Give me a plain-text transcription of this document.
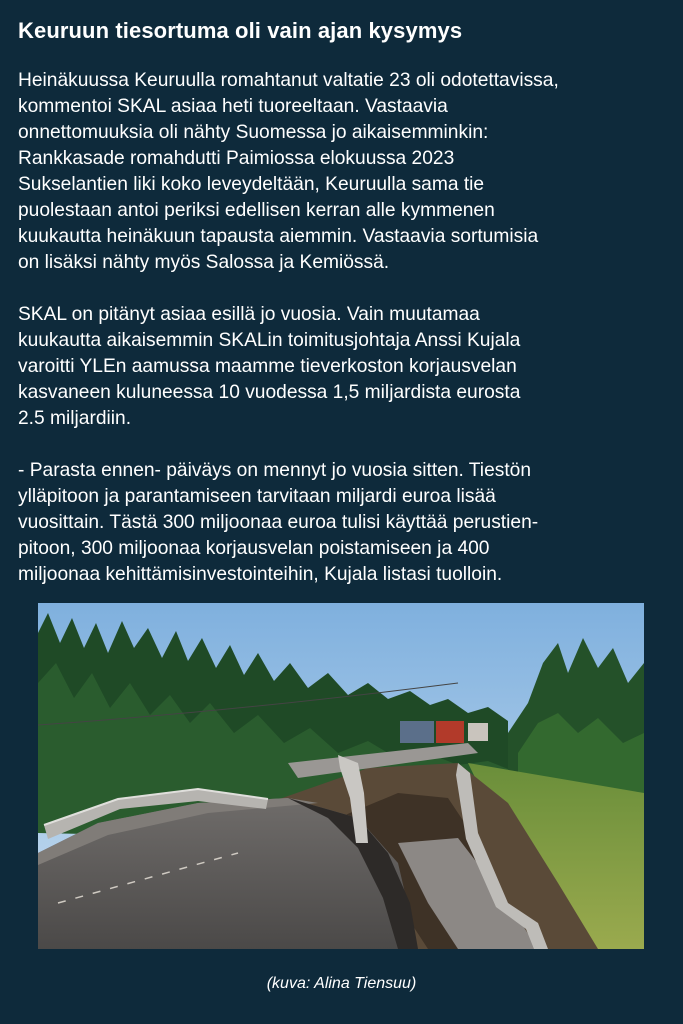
Keuruun tiesortuma oli vain ajan kysymys

Heinäkuussa Keuruulla romahtanut valtatie 23 oli odotettavissa,
kommentoi SKAL asiaa heti tuoreeltaan. Vastaavia
onnettomuuksia oli nähty Suomessa jo aikaisemminkin:
Rankkasade romahdutti Paimiossa elokuussa 2023
Sukselantien liki koko leveydeltään, Keuruulla sama tie
puolestaan antoi periksi edellisen kerran alle kymmenen
kuukautta heinäkuun tapausta aiemmin. Vastaavia sortumisia
on lisäksi nähty myös Salossa ja Kemiössä.

SKAL on pitänyt asiaa esillä jo vuosia. Vain muutamaa
kuukautta aikaisemmin SKALin toimitusjohtaja Anssi Kujala
varoitti YLEn aamussa maamme tieverkoston korjausvelan
kasvaneen kuluneessa 10 vuodessa 1,5 miljardista eurosta
2.5 miljardiin.

- Parasta ennen- päiväys on mennyt jo vuosia sitten. Tiestön
ylläpitoon ja parantamiseen tarvitaan miljardi euroa lisää
vuosittain. Tästä 300 miljoonaa euroa tulisi käyttää perustien-
pitoon, 300 miljoonaa korjausvelan poistamiseen ja 400
miljoonaa kehittämisinvestointeihin, Kujala listasi tuolloin.

(kuva: Alina Tiensuu)
